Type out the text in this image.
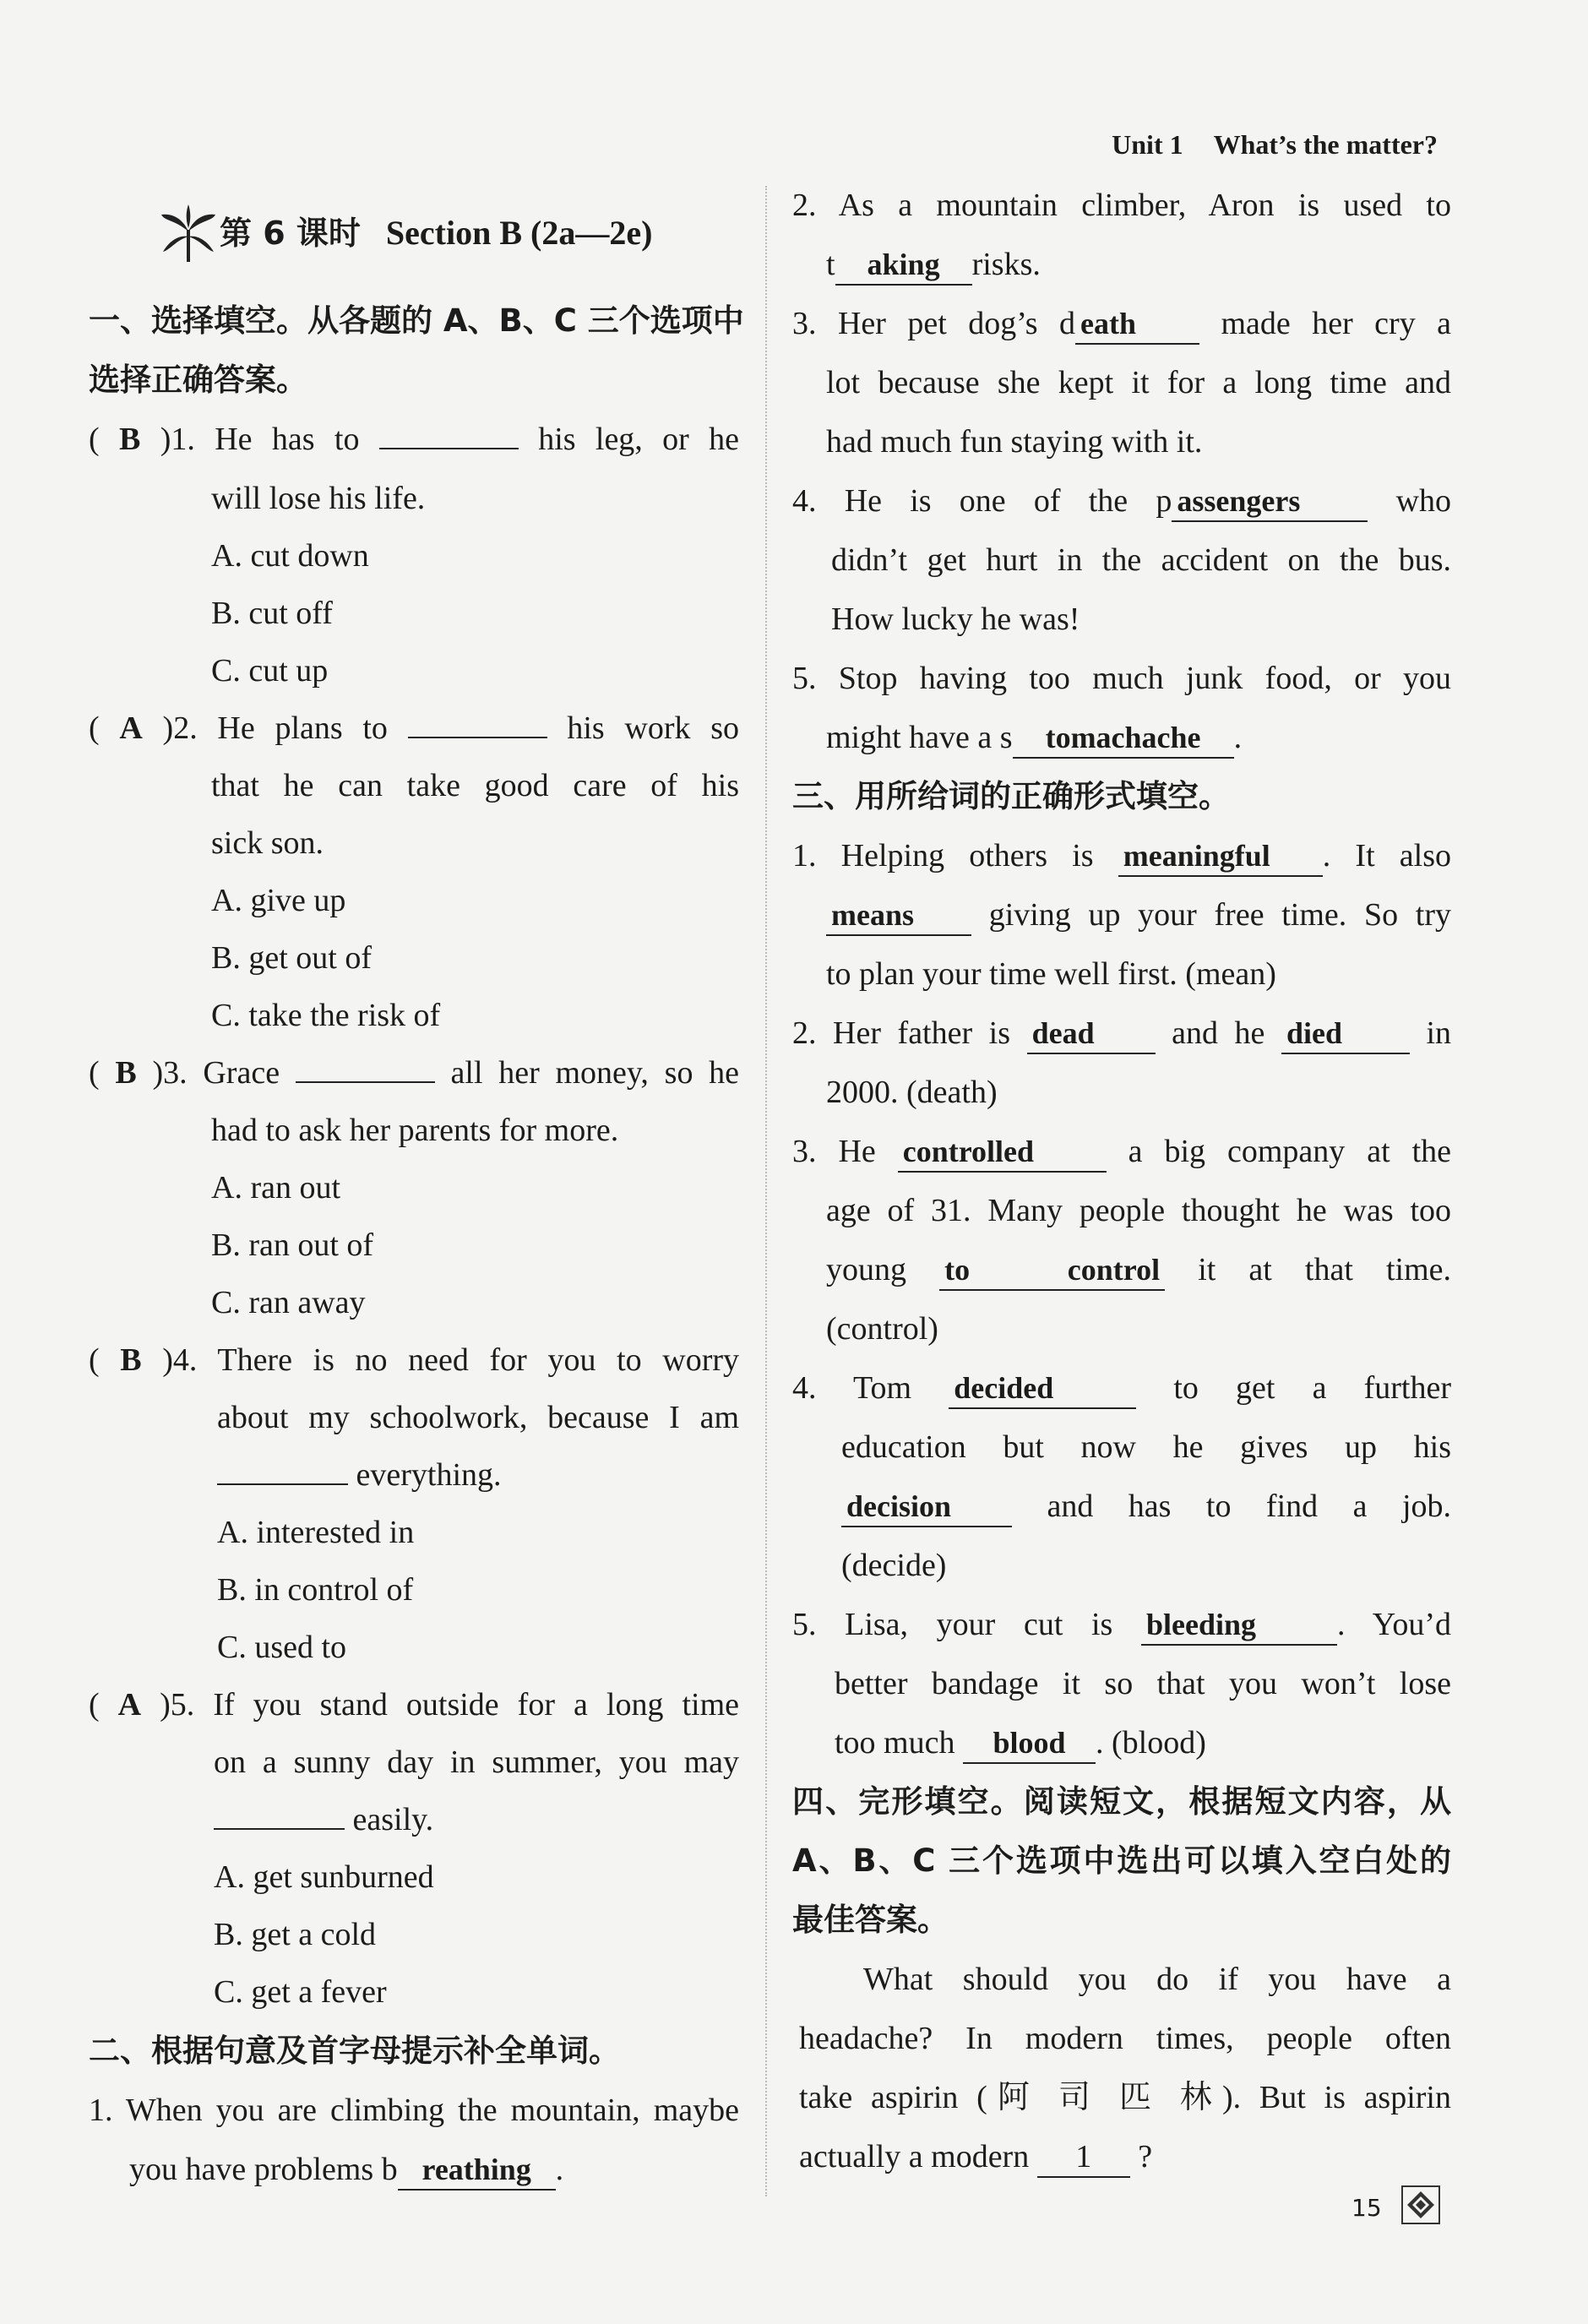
Unit 1 What’s the matter?
第 6 课时 Section B (2a—2e)
一、选择填空。从各题的 A、B、C 三个选项中
选择正确答案。
( B )1. He has to	his leg, or he
will lose his life.
A. cut down
B. cut off
C. cut up
( A )2. He plans to	his work so
that he can take good care of his
sick son.
A. give up
B. get out of
C. take the risk of
( B )3. Grace	all her money, so he
had to ask her parents for more.
A. ran out
B. ran out of
C. ran away
( B )4. There is no need for you to worry
about my schoolwork, because I am
everything.
A. interested in
B. in control of
C. used to
( A )5. If you stand outside for a long time
on a sunny day in summer, you may
easily.
A. get sunburned
B. get a cold
C. get a fever
二、根据句意及首字母提示补全单词。
1. When you are climbing the mountain, maybe
you have problems b reathing .
2. As a mountain climber, Aron is used to
t aking risks.
3. Her pet dog’s d eath	made her cry a
lot because she kept it for a long time and
had much fun staying with it.
4. He is one of the p assengers	who
didn’t get hurt in the accident on the bus.
How lucky he was!
5. Stop having too much junk food, or you
might have a s tomachache .
三、用所给词的正确形式填空。
1. Helping others is meaningful . It also
means giving up your free time. So try
to plan your time well first. (mean)
2. Her father is dead and he died	in
2000. (death)
3. He controlled	a big company at the
age of 31. Many people thought he was too
young to control it at that time.
(control)
4. Tom decided	to get a further
education but now he gives up his
decision	and has to find a job.
(decide)
5. Lisa, your cut is bleeding	. You’d
better bandage it so that you won’t lose
too much blood . (blood)
四、完形填空。阅读短文，根据短文内容，从
A、B、C 三个选项中选出可以填入空白处的
最佳答案。
What should you do if you have a
headache? In modern times, people often
take aspirin (阿 司 匹 林). But is aspirin
actually a modern 1 ?
15
